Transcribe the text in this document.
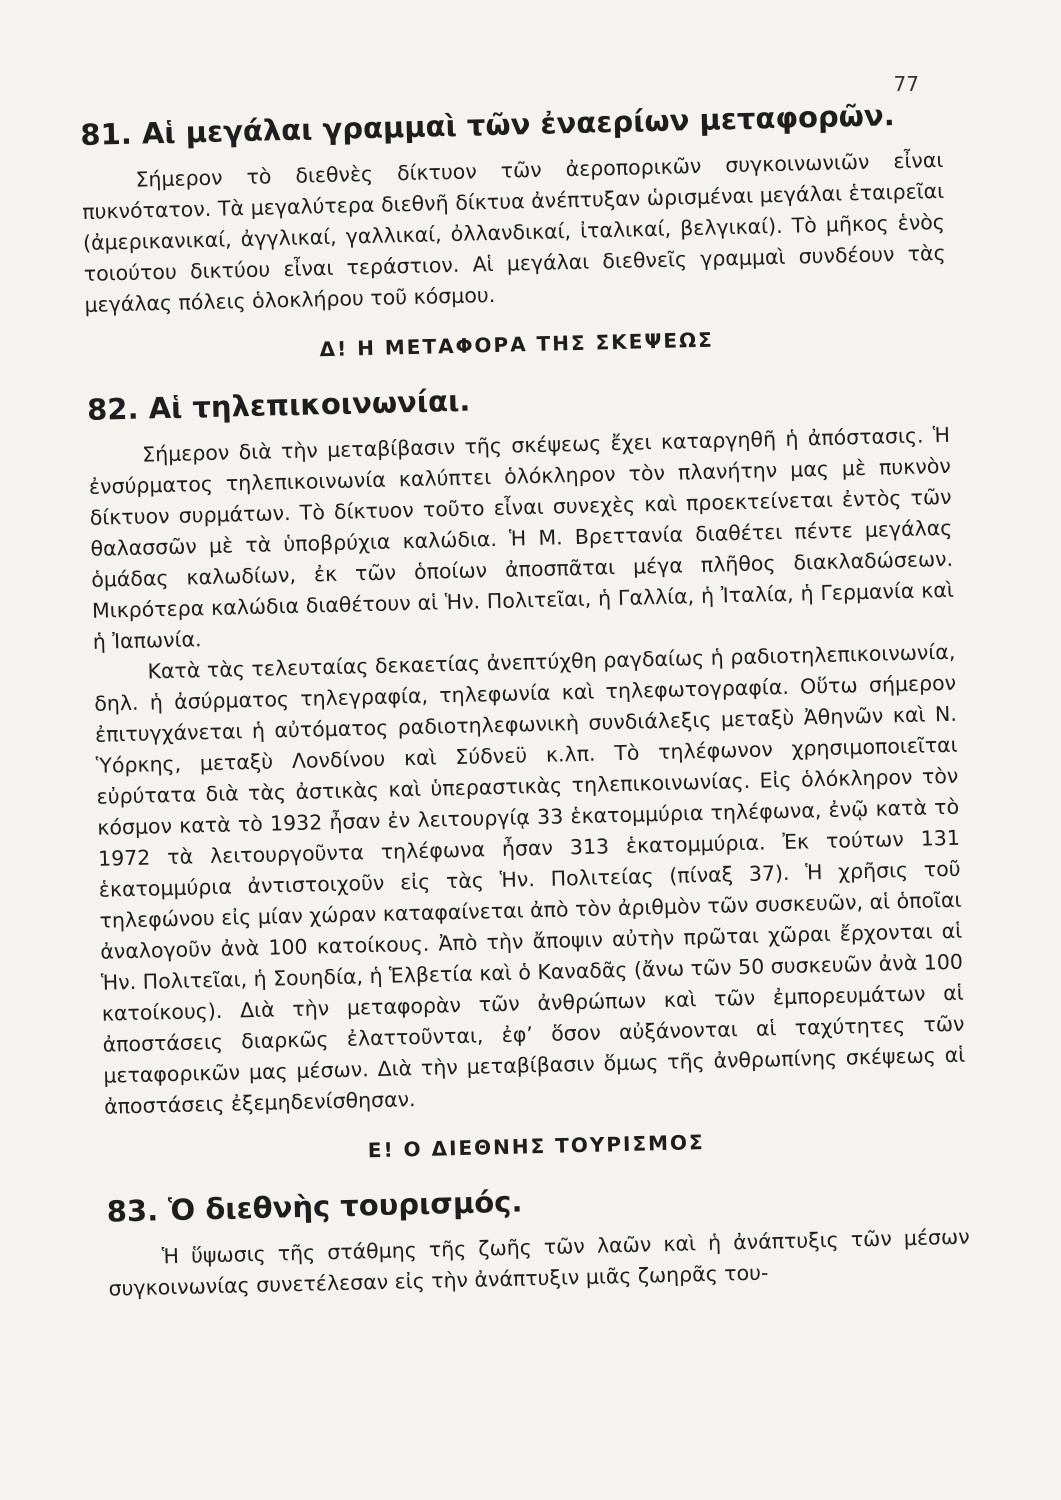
77
81. Αἱ μεγάλαι γραμμαὶ τῶν ἐναερίων μεταφορῶν.

Σήμερον τὸ διεθνὲς δίκτυον τῶν ἀεροπορικῶν συγκοινωνιῶν εἶναι πυκνότατον. Τὰ μεγαλύτερα διεθνῆ δίκτυα ἀνέπτυξαν ὡρισμέναι μεγάλαι ἑταιρεῖαι (ἀμερικανικαί, ἀγγλικαί, γαλλικαί, ὀλλανδικαί, ἰταλικαί, βελγικαί). Τὸ μῆκος ἑνὸς τοιούτου δικτύου εἶναι τεράστιον. Αἱ μεγάλαι διεθνεῖς γραμμαὶ συνδέουν τὰς μεγάλας πόλεις ὁλοκλήρου τοῦ κόσμου.

Δ! Η ΜΕΤΑΦΟΡΑ ΤΗΣ ΣΚΕΨΕΩΣ
82. Αἱ τηλεπικοινωνίαι.

Σήμερον διὰ τὴν μεταβίβασιν τῆς σκέψεως ἔχει καταργηθῆ ἡ ἀπόστασις. Ἡ ἐνσύρματος τηλεπικοινωνία καλύπτει ὁλόκληρον τὸν πλανήτην μας μὲ πυκνὸν δίκτυον συρμάτων. Τὸ δίκτυον τοῦτο εἶναι συνεχὲς καὶ προεκτείνεται ἐντὸς τῶν θαλασσῶν μὲ τὰ ὑποβρύχια καλώδια. Ἡ Μ. Βρεττανία διαθέτει πέντε μεγάλας ὁμάδας καλωδίων, ἐκ τῶν ὁποίων ἀποσπᾶται μέγα πλῆθος διακλαδώσεων. Μικρότερα καλώδια διαθέτουν αἱ Ἡν. Πολιτεῖαι, ἡ Γαλλία, ἡ Ἰταλία, ἡ Γερμανία καὶ ἡ Ἰαπωνία.

Κατὰ τὰς τελευταίας δεκαετίας ἀνεπτύχθη ραγδαίως ἡ ραδιοτηλεπικοινωνία, δηλ. ἡ ἀσύρματος τηλεγραφία, τηλεφωνία καὶ τηλεφωτογραφία. Οὕτω σήμερον ἐπιτυγχάνεται ἡ αὐτόματος ραδιοτηλεφωνικὴ συνδιάλεξις μεταξὺ Ἀθηνῶν καὶ Ν. Ὑόρκης, μεταξὺ Λονδίνου καὶ Σύδνεϋ κ.λπ. Τὸ τηλέφωνον χρησιμοποιεῖται εὐρύτατα διὰ τὰς ἀστικὰς καὶ ὑπεραστικὰς τηλεπικοινωνίας. Εἰς ὁλόκληρον τὸν κόσμον κατὰ τὸ 1932 ἦσαν ἐν λειτουργίᾳ 33 ἑκατομμύρια τηλέφωνα, ἐνῷ κατὰ τὸ 1972 τὰ λειτουργοῦντα τηλέφωνα ἦσαν 313 ἑκατομμύρια. Ἐκ τούτων 131 ἑκατομμύρια ἀντιστοιχοῦν εἰς τὰς Ἡν. Πολιτείας (πίναξ 37). Ἡ χρῆσις τοῦ τηλεφώνου εἰς μίαν χώραν καταφαίνεται ἀπὸ τὸν ἀριθμὸν τῶν συσκευῶν, αἱ ὁποῖαι ἀναλογοῦν ἀνὰ 100 κατοίκους. Ἀπὸ τὴν ἄποψιν αὐτὴν πρῶται χῶραι ἔρχονται αἱ Ἡν. Πολιτεῖαι, ἡ Σουηδία, ἡ Ἑλβετία καὶ ὁ Καναδᾶς (ἄνω τῶν 50 συσκευῶν ἀνὰ 100 κατοίκους). Διὰ τὴν μεταφορὰν τῶν ἀνθρώπων καὶ τῶν ἐμπορευμάτων αἱ ἀποστάσεις διαρκῶς ἐλαττοῦνται, ἐφ’ ὅσον αὐξάνονται αἱ ταχύτητες τῶν μεταφορικῶν μας μέσων. Διὰ τὴν μεταβίβασιν ὅμως τῆς ἀνθρωπίνης σκέψεως αἱ ἀποστάσεις ἐξεμηδενίσθησαν.

Ε! Ο ΔΙΕΘΝΗΣ ΤΟΥΡΙΣΜΟΣ
83. Ὁ διεθνὴς τουρισμός.

Ἡ ὕψωσις τῆς στάθμης τῆς ζωῆς τῶν λαῶν καὶ ἡ ἀνάπτυξις τῶν μέσων συγκοινωνίας συνετέλεσαν εἰς τὴν ἀνάπτυξιν μιᾶς ζωηρᾶς του-
